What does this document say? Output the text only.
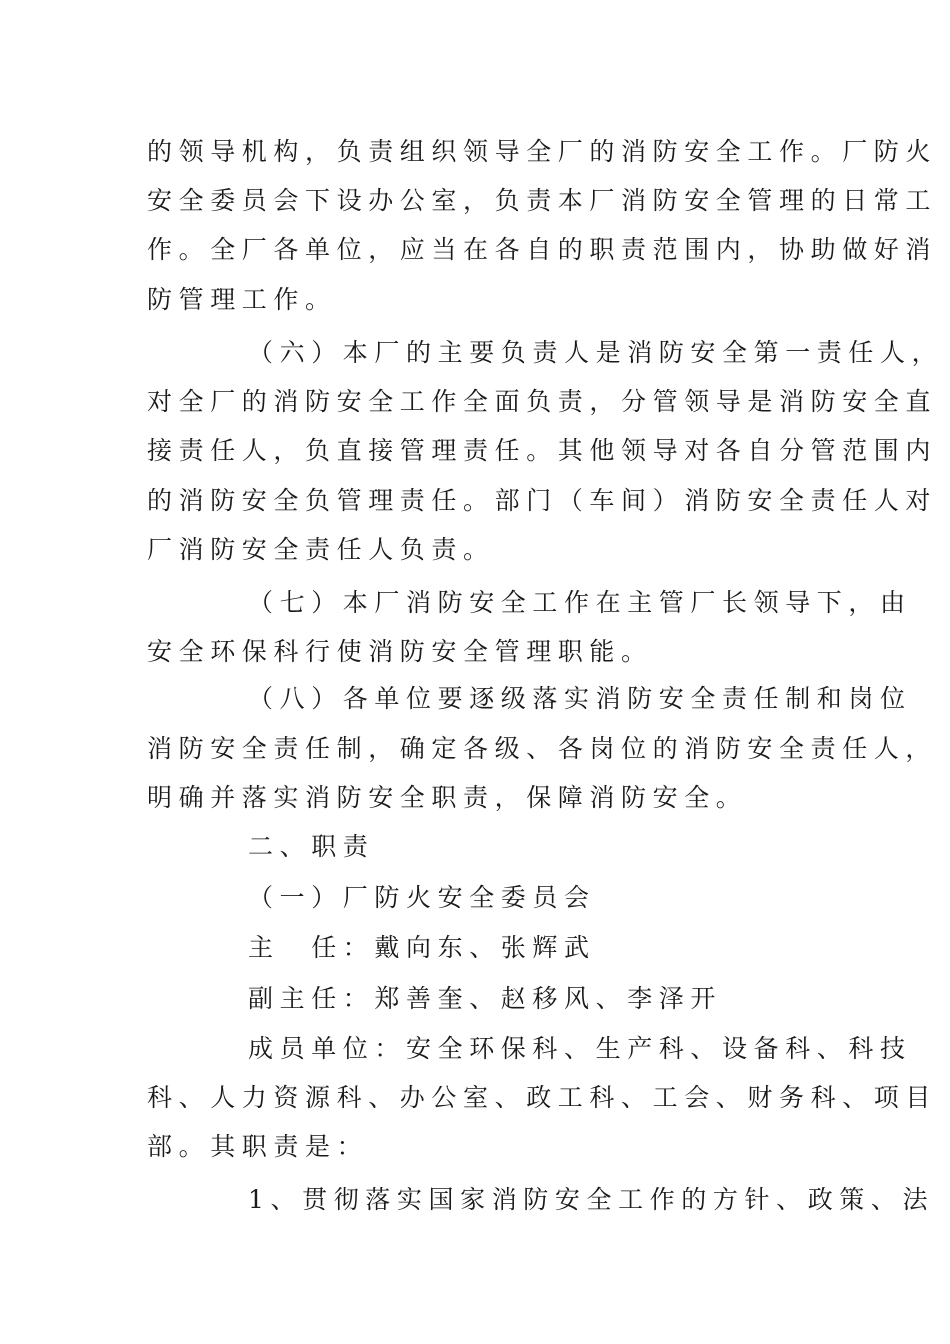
的领导机构，负责组织领导全厂的消防安全工作。厂防火
安全委员会下设办公室，负责本厂消防安全管理的日常工
作。全厂各单位，应当在各自的职责范围内，协助做好消
防管理工作。
（六）本厂的主要负责人是消防安全第一责任人，
对全厂的消防安全工作全面负责，分管领导是消防安全直
接责任人，负直接管理责任。其他领导对各自分管范围内
的消防安全负管理责任。部门（车间）消防安全责任人对
厂消防安全责任人负责。
（七）本厂消防安全工作在主管厂长领导下，由
安全环保科行使消防安全管理职能。
（八）各单位要逐级落实消防安全责任制和岗位
消防安全责任制，确定各级、各岗位的消防安全责任人，
明确并落实消防安全职责，保障消防安全。
二、职责
（一）厂防火安全委员会
主　任：戴向东、张辉武
副主任：郑善奎、赵移风、李泽开
成员单位：安全环保科、生产科、设备科、科技
科、人力资源科、办公室、政工科、工会、财务科、项目
部。其职责是：
1、贯彻落实国家消防安全工作的方针、政策、法
